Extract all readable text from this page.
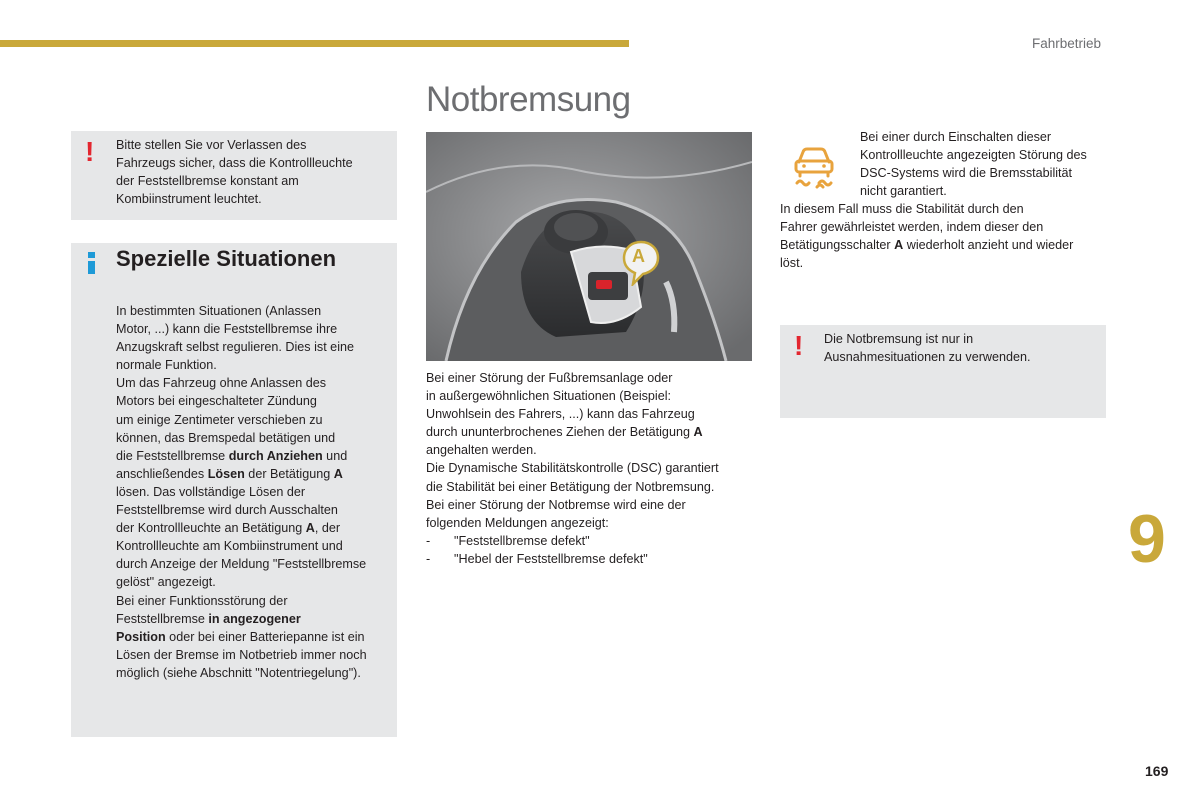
Fahrbetrieb
Notbremsung
! Bitte stellen Sie vor Verlassen des
Fahrzeugs sicher, dass die Kontrollleuchte
der Feststellbremse konstant am
Kombiinstrument leuchtet.
Spezielle Situationen
In bestimmten Situationen (Anlassen
Motor, ...) kann die Feststellbremse ihre
Anzugskraft selbst regulieren. Dies ist eine
normale Funktion.
Um das Fahrzeug ohne Anlassen des
Motors bei eingeschalteter Zündung
um einige Zentimeter verschieben zu
können, das Bremspedal betätigen und
die Feststellbremse durch Anziehen und
anschließendes Lösen der Betätigung A
lösen. Das vollständige Lösen der
Feststellbremse wird durch Ausschalten
der Kontrollleuchte an Betätigung A, der
Kontrollleuchte am Kombiinstrument und
durch Anzeige der Meldung "Feststellbremse
gelöst" angezeigt.
Bei einer Funktionsstörung der
Feststellbremse in angezogener
Position oder bei einer Batteriepanne ist ein
Lösen der Bremse im Notbetrieb immer noch
möglich (siehe Abschnitt "Notentriegelung").
A
Bei einer Störung der Fußbremsanlage oder
in außergewöhnlichen Situationen (Beispiel:
Unwohlsein des Fahrers, ...) kann das Fahrzeug
durch ununterbrochenes Ziehen der Betätigung A
angehalten werden.
Die Dynamische Stabilitätskontrolle (DSC) garantiert
die Stabilität bei einer Betätigung der Notbremsung.
Bei einer Störung der Notbremse wird eine der
folgenden Meldungen angezeigt:
-	"Feststellbremse defekt"
-	"Hebel der Feststellbremse defekt"
Bei einer durch Einschalten dieser
Kontrollleuchte angezeigten Störung des
DSC-Systems wird die Bremsstabilität
nicht garantiert.
In diesem Fall muss die Stabilität durch den
Fahrer gewährleistet werden, indem dieser den
Betätigungsschalter A wiederholt anzieht und wieder
löst.
! Die Notbremsung ist nur in
Ausnahmesituationen zu verwenden.
9
169
